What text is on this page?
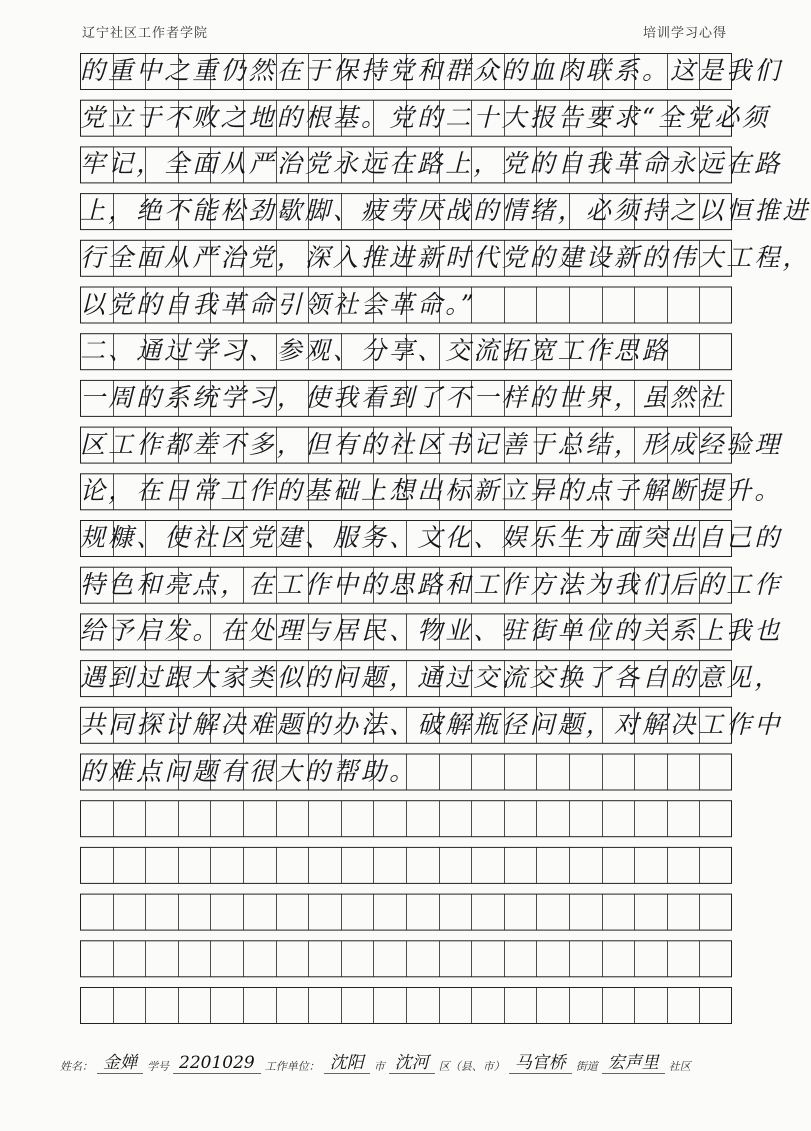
辽宁社区工作者学院	培训学习心得
的重中之重仍然在于保持党和群众的血肉联系。这是我们
党立于不败之地的根基。党的二十大报告要求“全党必须
牢记，全面从严治党永远在路上，党的自我革命永远在路
上，绝不能松劲歇脚、疲劳厌战的情绪，必须持之以恒推进
行全面从严治党，深入推进新时代党的建设新的伟大工程，
以党的自我革命引领社会革命。”
二、通过学习、参观、分享、交流拓宽工作思路
一周的系统学习，使我看到了不一样的世界，虽然社
区工作都差不多，但有的社区书记善于总结，形成经验理
论，在日常工作的基础上想出标新立异的点子解断提升。
规糠、使社区党建、服务、文化、娱乐生方面突出自己的
特色和亮点，在工作中的思路和工作方法为我们后的工作
给予启发。在处理与居民、物业、驻街单位的关系上我也
遇到过跟大家类似的问题，通过交流交换了各自的意见，
共同探讨解决难题的办法、破解瓶径问题，对解决工作中
的难点问题有很大的帮助。
姓名： 金婵 学号 2201029 工作单位： 沈阳 市 沈河 区（县、市） 马官桥 街道 宏声里 社区
